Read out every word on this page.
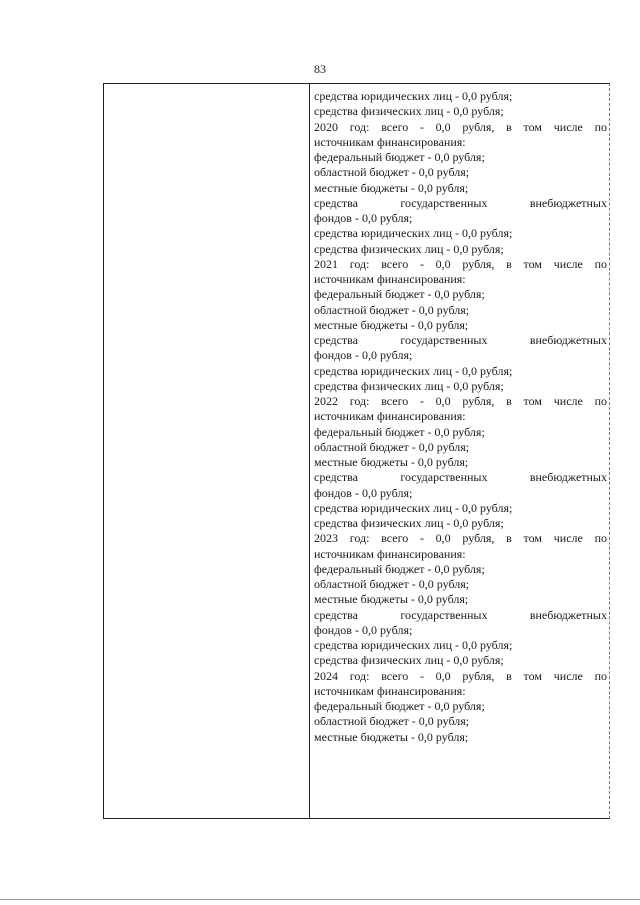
83
средства юридических лиц - 0,0 рубля;
средства физических лиц - 0,0 рубля;
2020 год: всего - 0,0 рубля, в том числе по
источникам финансирования:
федеральный бюджет - 0,0 рубля;
областной бюджет - 0,0 рубля;
местные бюджеты - 0,0 рубля;
средства государственных внебюджетных
фондов - 0,0 рубля;
средства юридических лиц - 0,0 рубля;
средства физических лиц - 0,0 рубля;
2021 год: всего - 0,0 рубля, в том числе по
источникам финансирования:
федеральный бюджет - 0,0 рубля;
областной бюджет - 0,0 рубля;
местные бюджеты - 0,0 рубля;
средства государственных внебюджетных
фондов - 0,0 рубля;
средства юридических лиц - 0,0 рубля;
средства физических лиц - 0,0 рубля;
2022 год: всего - 0,0 рубля, в том числе по
источникам финансирования:
федеральный бюджет - 0,0 рубля;
областной бюджет - 0,0 рубля;
местные бюджеты - 0,0 рубля;
средства государственных внебюджетных
фондов - 0,0 рубля;
средства юридических лиц - 0,0 рубля;
средства физических лиц - 0,0 рубля;
2023 год: всего - 0,0 рубля, в том числе по
источникам финансирования:
федеральный бюджет - 0,0 рубля;
областной бюджет - 0,0 рубля;
местные бюджеты - 0,0 рубля;
средства государственных внебюджетных
фондов - 0,0 рубля;
средства юридических лиц - 0,0 рубля;
средства физических лиц - 0,0 рубля;
2024 год: всего - 0,0 рубля, в том числе по
источникам финансирования:
федеральный бюджет - 0,0 рубля;
областной бюджет - 0,0 рубля;
местные бюджеты - 0,0 рубля;
